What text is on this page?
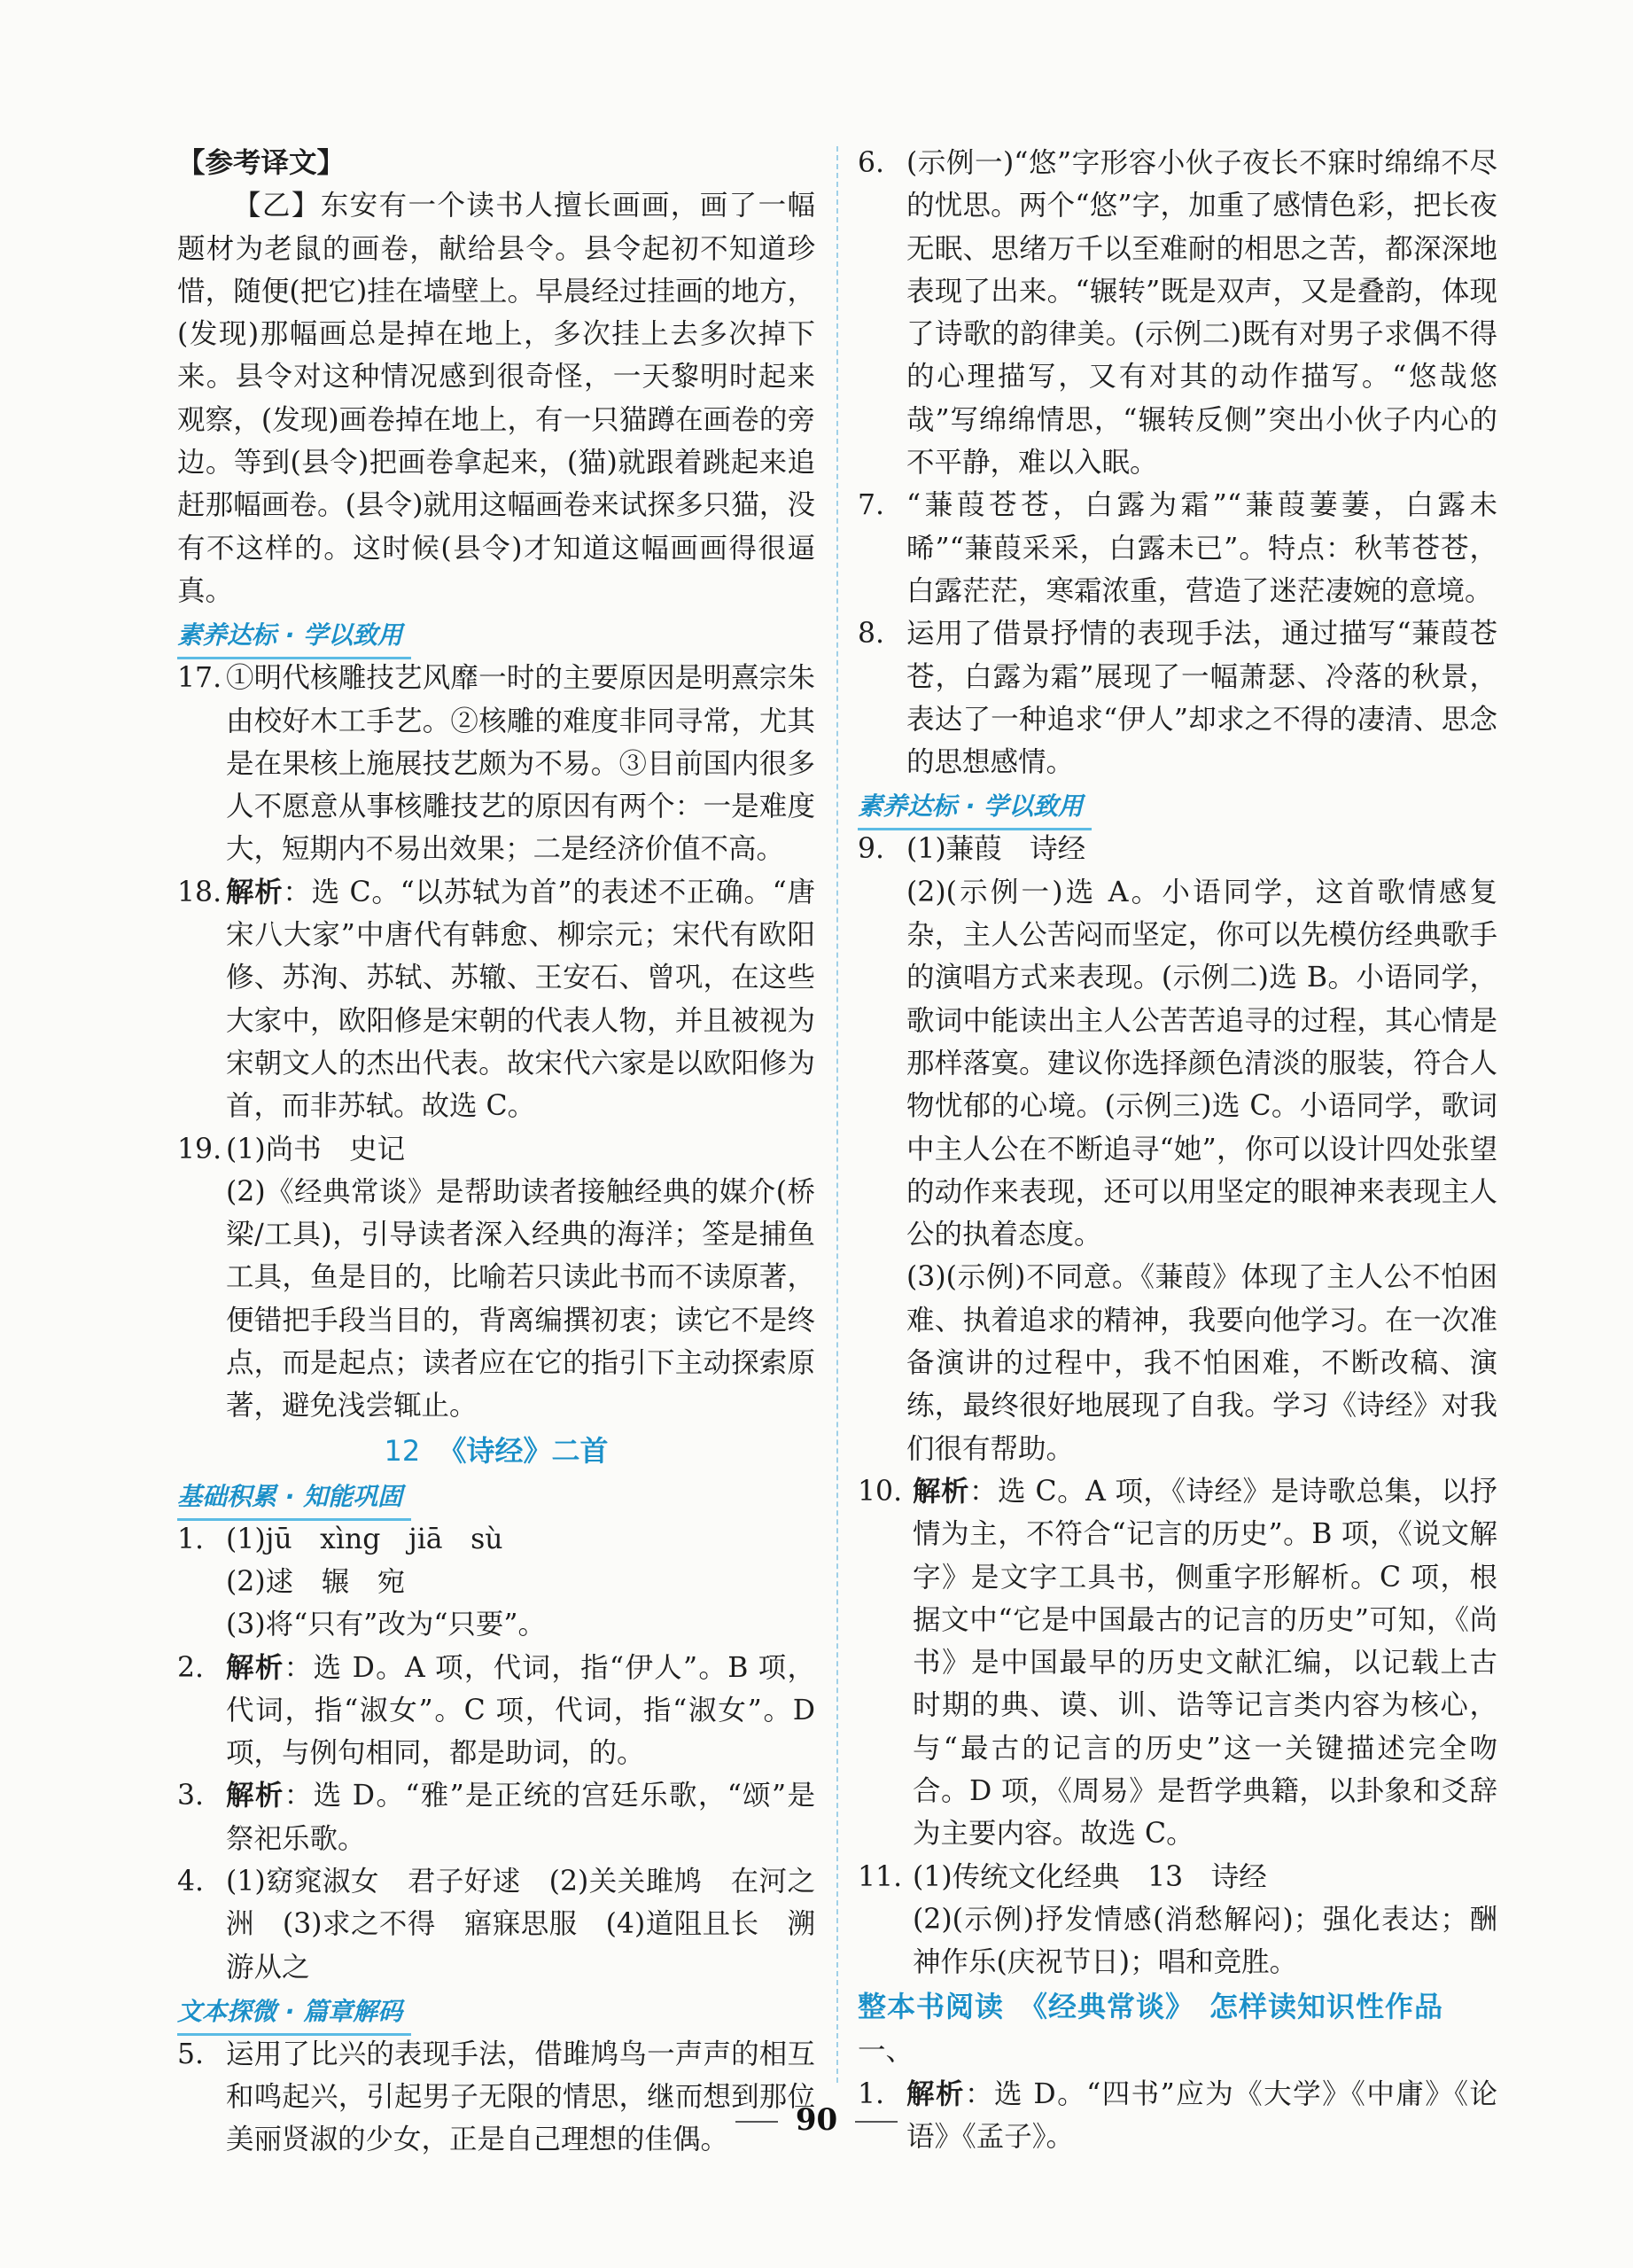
【参考译文】

【乙】东安有一个读书人擅长画画，画了一幅题材为老鼠的画卷，献给县令。县令起初不知道珍惜，随便(把它)挂在墙壁上。早晨经过挂画的地方，(发现)那幅画总是掉在地上，多次挂上去多次掉下来。县令对这种情况感到很奇怪，一天黎明时起来观察，(发现)画卷掉在地上，有一只猫蹲在画卷的旁边。等到(县令)把画卷拿起来，(猫)就跟着跳起来追赶那幅画卷。(县令)就用这幅画卷来试探多只猫，没有不这样的。这时候(县令)才知道这幅画画得很逼真。

素养达标 · 学以致用
17. ①明代核雕技艺风靡一时的主要原因是明熹宗朱由校好木工手艺。②核雕的难度非同寻常，尤其是在果核上施展技艺颇为不易。③目前国内很多人不愿意从事核雕技艺的原因有两个：一是难度大，短期内不易出效果；二是经济价值不高。
18. 解析：选 C。“以苏轼为首”的表述不正确。“唐宋八大家”中唐代有韩愈、柳宗元；宋代有欧阳修、苏洵、苏轼、苏辙、王安石、曾巩，在这些大家中，欧阳修是宋朝的代表人物，并且被视为宋朝文人的杰出代表。故宋代六家是以欧阳修为首，而非苏轼。故选 C。
19. (1)尚书　史记

(2)《经典常谈》是帮助读者接触经典的媒介(桥梁/工具)，引导读者深入经典的海洋；筌是捕鱼工具，鱼是目的，比喻若只读此书而不读原著，便错把手段当目的，背离编撰初衷；读它不是终点，而是起点；读者应在它的指引下主动探索原著，避免浅尝辄止。

12 《诗经》二首
基础积累 · 知能巩固
1. (1)jū　xìng　jiā　sù

(2)逑　辗　宛

(3)将“只有”改为“只要”。

2. 解析：选 D。A 项，代词，指“伊人”。B 项，代词，指“淑女”。C 项，代词，指“淑女”。D 项，与例句相同，都是助词，的。
3. 解析：选 D。“雅”是正统的宫廷乐歌，“颂”是祭祀乐歌。
4. (1)窈窕淑女　君子好逑　(2)关关雎鸠　在河之洲　(3)求之不得　寤寐思服　(4)道阻且长　溯游从之
文本探微 · 篇章解码
5. 运用了比兴的表现手法，借雎鸠鸟一声声的相互和鸣起兴，引起男子无限的情思，继而想到那位美丽贤淑的少女，正是自己理想的佳偶。
6. (示例一)“悠”字形容小伙子夜长不寐时绵绵不尽的忧思。两个“悠”字，加重了感情色彩，把长夜无眠、思绪万千以至难耐的相思之苦，都深深地表现了出来。“辗转”既是双声，又是叠韵，体现了诗歌的韵律美。(示例二)既有对男子求偶不得的心理描写，又有对其的动作描写。“悠哉悠哉”写绵绵情思，“辗转反侧”突出小伙子内心的不平静，难以入眠。
7. “蒹葭苍苍，白露为霜”“蒹葭萋萋，白露未晞”“蒹葭采采，白露未已”。特点：秋苇苍苍，白露茫茫，寒霜浓重，营造了迷茫凄婉的意境。
8. 运用了借景抒情的表现手法，通过描写“蒹葭苍苍，白露为霜”展现了一幅萧瑟、冷落的秋景，表达了一种追求“伊人”却求之不得的凄清、思念的思想感情。
素养达标 · 学以致用
9. (1)蒹葭　诗经

(2)(示例一)选 A。小语同学，这首歌情感复杂，主人公苦闷而坚定，你可以先模仿经典歌手的演唱方式来表现。(示例二)选 B。小语同学，歌词中能读出主人公苦苦追寻的过程，其心情是那样落寞。建议你选择颜色清淡的服装，符合人物忧郁的心境。(示例三)选 C。小语同学，歌词中主人公在不断追寻“她”，你可以设计四处张望的动作来表现，还可以用坚定的眼神来表现主人公的执着态度。

(3)(示例)不同意。《蒹葭》体现了主人公不怕困难、执着追求的精神，我要向他学习。在一次准备演讲的过程中，我不怕困难，不断改稿、演练，最终很好地展现了自我。学习《诗经》对我们很有帮助。

10. 解析：选 C。A 项，《诗经》是诗歌总集，以抒情为主，不符合“记言的历史”。B 项，《说文解字》是文字工具书，侧重字形解析。C 项，根据文中“它是中国最古的记言的历史”可知，《尚书》是中国最早的历史文献汇编，以记载上古时期的典、谟、训、诰等记言类内容为核心，与“最古的记言的历史”这一关键描述完全吻合。D 项，《周易》是哲学典籍，以卦象和爻辞为主要内容。故选 C。
11. (1)传统文化经典　13　诗经

(2)(示例)抒发情感(消愁解闷)；强化表达；酬神作乐(庆祝节日)；唱和竞胜。

整本书阅读　《经典常谈》　怎样读知识性作品

一、

1. 解析：选 D。“四书”应为《大学》《中庸》《论语》《孟子》。
90
